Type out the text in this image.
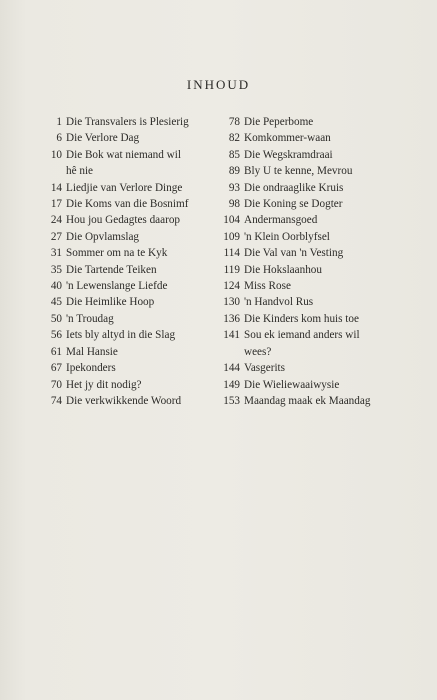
INHOUD
1 Die Transvalers is Plesierig
6 Die Verlore Dag
10 Die Bok wat niemand wil
hê nie
14 Liedjie van Verlore Dinge
17 Die Koms van die Bosnimf
24 Hou jou Gedagtes daarop
27 Die Opvlamslag
31 Sommer om na te Kyk
35 Die Tartende Teiken
40 'n Lewenslange Liefde
45 Die Heimlike Hoop
50 'n Troudag
56 Iets bly altyd in die Slag
61 Mal Hansie
67 Ipekonders
70 Het jy dit nodig?
74 Die verkwikkende Woord
78 Die Peperbome
82 Komkommer-waan
85 Die Wegskramdraai
89 Bly U te kenne, Mevrou
93 Die ondraaglike Kruis
98 Die Koning se Dogter
104 Andermansgoed
109 'n Klein Oorblyfsel
114 Die Val van 'n Vesting
119 Die Hokslaanhou
124 Miss Rose
130 'n Handvol Rus
136 Die Kinders kom huis toe
141 Sou ek iemand anders wil
wees?
144 Vasgerits
149 Die Wieliewaaiwysie
153 Maandag maak ek Maandag
